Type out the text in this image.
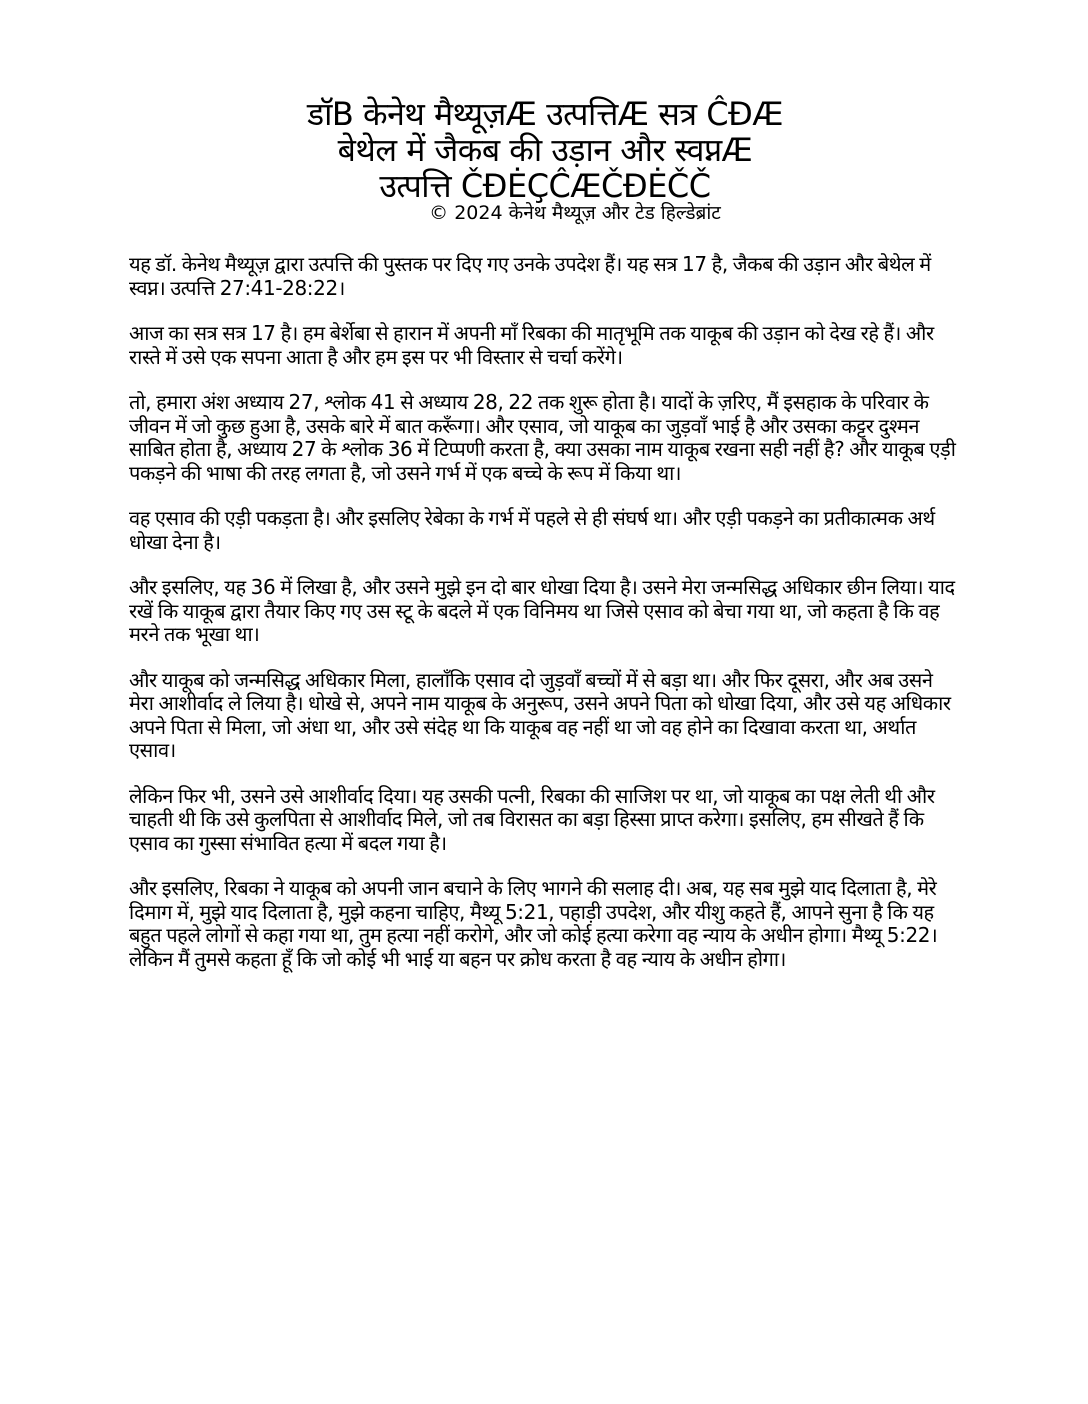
डॉB केनेथ मैथ्यूज़Æ उत्पत्तिÆ सत्र ĈĐÆ
बेथेल में जैकब की उड़ान और स्वप्नÆ
उत्पत्ति ČĐĖÇĈÆČĐĖČČ
© 2024 केनेथ मैथ्यूज़ और टेड हिल्डेब्रांट

यह डॉ. केनेथ मैथ्यूज़ द्वारा उत्पत्ति की पुस्तक पर दिए गए उनके उपदेश हैं। यह सत्र 17 है, जैकब की उड़ान और बेथेल में स्वप्न। उत्पत्ति 27:41-28:22।

आज का सत्र सत्र 17 है। हम बेर्शेबा से हारान में अपनी माँ रिबका की मातृभूमि तक याकूब की उड़ान को देख रहे हैं। और रास्ते में उसे एक सपना आता है और हम इस पर भी विस्तार से चर्चा करेंगे।

तो, हमारा अंश अध्याय 27, श्लोक 41 से अध्याय 28, 22 तक शुरू होता है। यादों के ज़रिए, मैं इसहाक के परिवार के जीवन में जो कुछ हुआ है, उसके बारे में बात करूँगा। और एसाव, जो याकूब का जुड़वाँ भाई है और उसका कट्टर दुश्मन साबित होता है, अध्याय 27 के श्लोक 36 में टिप्पणी करता है, क्या उसका नाम याकूब रखना सही नहीं है? और याकूब एड़ी पकड़ने की भाषा की तरह लगता है, जो उसने गर्भ में एक बच्चे के रूप में किया था।

वह एसाव की एड़ी पकड़ता है। और इसलिए रेबेका के गर्भ में पहले से ही संघर्ष था। और एड़ी पकड़ने का प्रतीकात्मक अर्थ धोखा देना है।

और इसलिए, यह 36 में लिखा है, और उसने मुझे इन दो बार धोखा दिया है। उसने मेरा जन्मसिद्ध अधिकार छीन लिया। याद रखें कि याकूब द्वारा तैयार किए गए उस स्टू के बदले में एक विनिमय था जिसे एसाव को बेचा गया था, जो कहता है कि वह मरने तक भूखा था।

और याकूब को जन्मसिद्ध अधिकार मिला, हालाँकि एसाव दो जुड़वाँ बच्चों में से बड़ा था। और फिर दूसरा, और अब उसने मेरा आशीर्वाद ले लिया है। धोखे से, अपने नाम याकूब के अनुरूप, उसने अपने पिता को धोखा दिया, और उसे यह अधिकार अपने पिता से मिला, जो अंधा था, और उसे संदेह था कि याकूब वह नहीं था जो वह होने का दिखावा करता था, अर्थात एसाव।

लेकिन फिर भी, उसने उसे आशीर्वाद दिया। यह उसकी पत्नी, रिबका की साजिश पर था, जो याकूब का पक्ष लेती थी और चाहती थी कि उसे कुलपिता से आशीर्वाद मिले, जो तब विरासत का बड़ा हिस्सा प्राप्त करेगा। इसलिए, हम सीखते हैं कि एसाव का गुस्सा संभावित हत्या में बदल गया है।

और इसलिए, रिबका ने याकूब को अपनी जान बचाने के लिए भागने की सलाह दी। अब, यह सब मुझे याद दिलाता है, मेरे दिमाग में, मुझे याद दिलाता है, मुझे कहना चाहिए, मैथ्यू 5:21, पहाड़ी उपदेश, और यीशु कहते हैं, आपने सुना है कि यह बहुत पहले लोगों से कहा गया था, तुम हत्या नहीं करोगे, और जो कोई हत्या करेगा वह न्याय के अधीन होगा। मैथ्यू 5:22। लेकिन मैं तुमसे कहता हूँ कि जो कोई भी भाई या बहन पर क्रोध करता है वह न्याय के अधीन होगा।
